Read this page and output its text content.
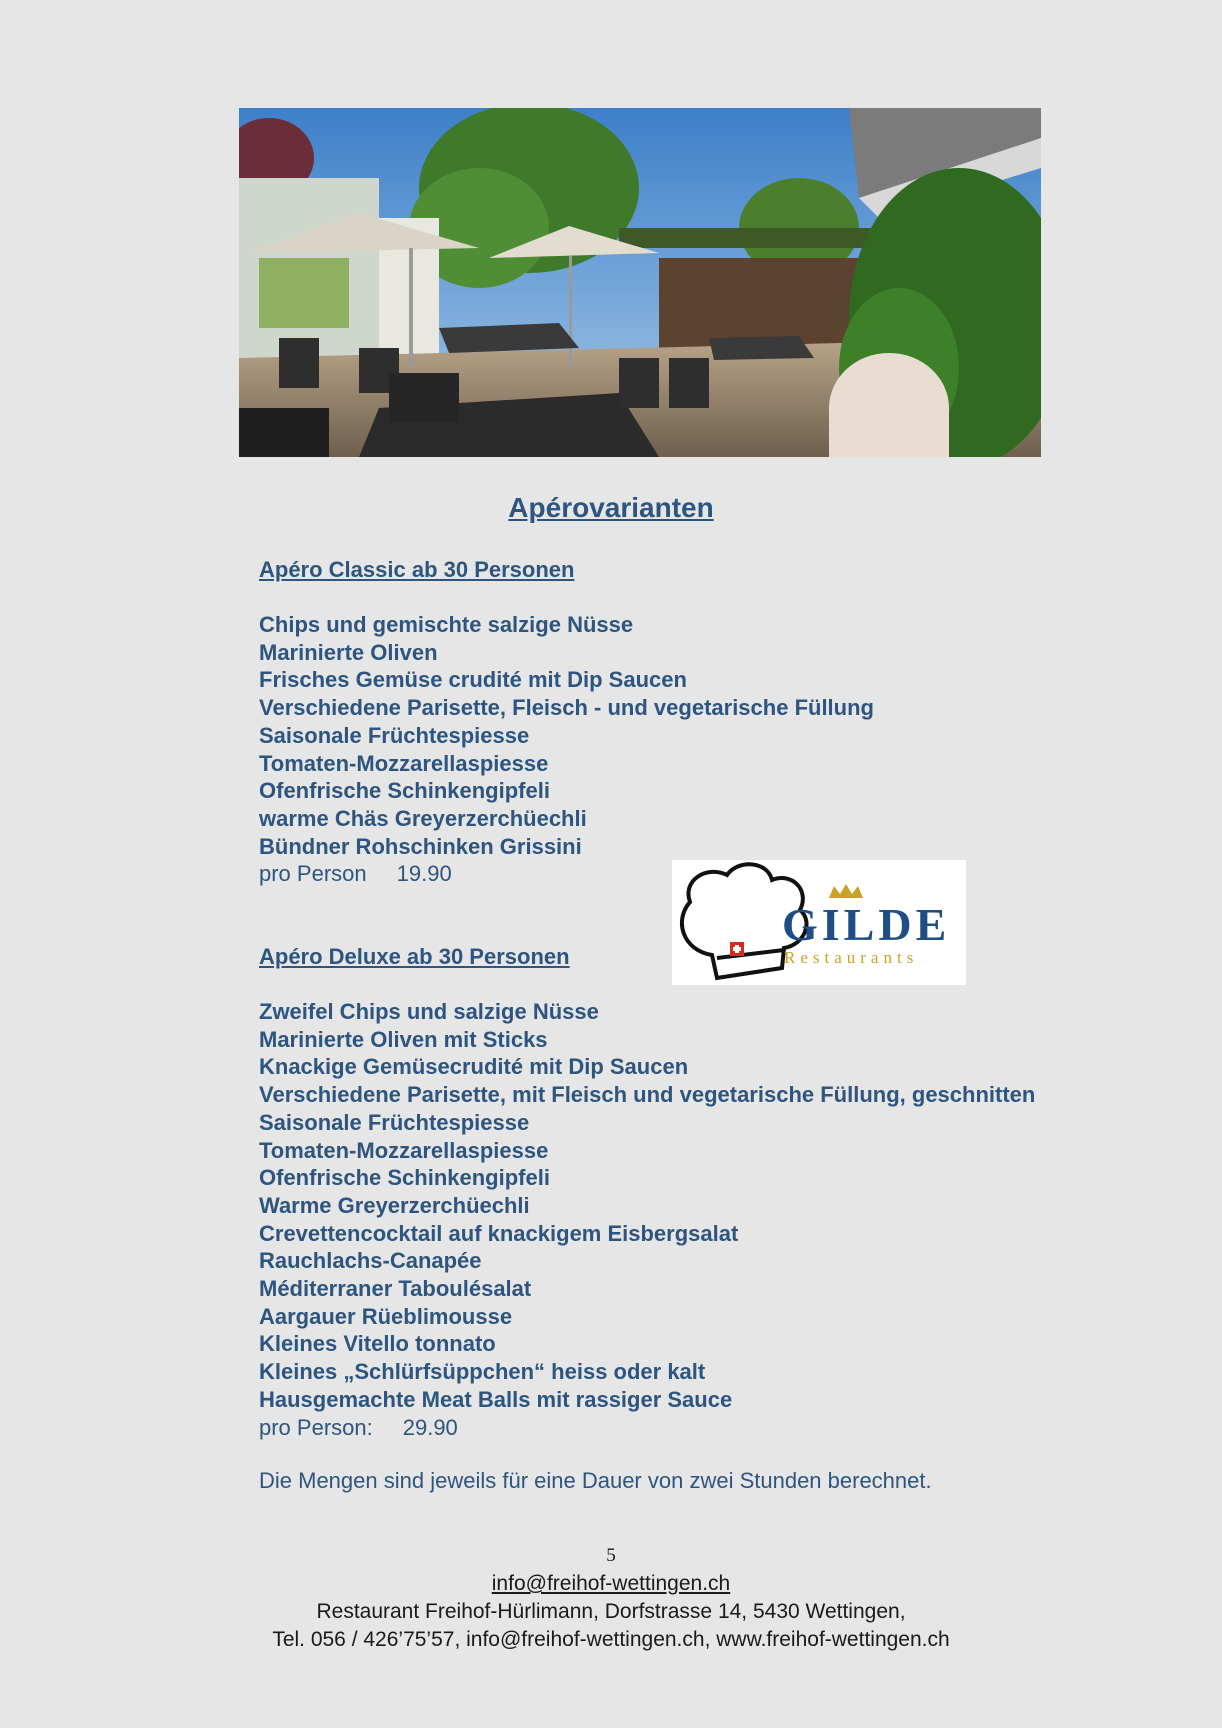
Apérovarianten

Apéro Classic ab 30 Personen

Chips und gemischte salzige Nüsse
Marinierte Oliven
Frisches Gemüse crudité mit Dip Saucen
Verschiedene Parisette, Fleisch - und vegetarische Füllung
Saisonale Früchtespiesse
Tomaten-Mozzarellaspiesse
Ofenfrische Schinkengipfeli
warme Chäs Greyerzerchüechli
Bündner Rohschinken Grissini
pro Person 19.90
GILDE
Restaurants

Apéro Deluxe ab 30 Personen

Zweifel Chips und salzige Nüsse
Marinierte Oliven mit Sticks
Knackige Gemüsecrudité mit Dip Saucen
Verschiedene Parisette, mit Fleisch und vegetarische Füllung, geschnitten
Saisonale Früchtespiesse
Tomaten-Mozzarellaspiesse
Ofenfrische Schinkengipfeli
Warme Greyerzerchüechli
Crevettencocktail auf knackigem Eisbergsalat
Rauchlachs-Canapée
Méditerraner Taboulésalat
Aargauer Rüeblimousse
Kleines Vitello tonnato
Kleines „Schlürfsüppchen“ heiss oder kalt
Hausgemachte Meat Balls mit rassiger Sauce
pro Person: 29.90
Die Mengen sind jeweils für eine Dauer von zwei Stunden berechnet.
5
info@freihof-wettingen.ch
Restaurant Freihof-Hürlimann, Dorfstrasse 14, 5430 Wettingen,
Tel. 056 / 426’75’57, info@freihof-wettingen.ch, www.freihof-wettingen.ch
